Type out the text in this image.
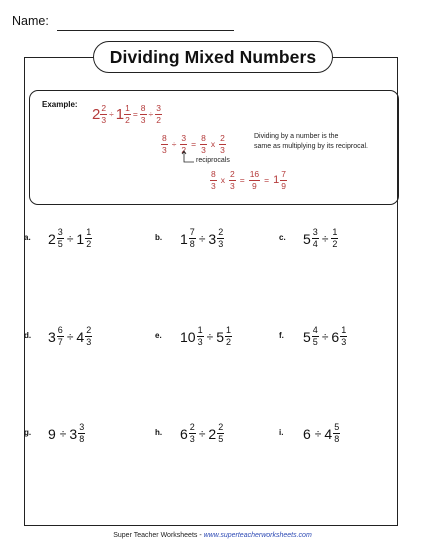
Name:
Dividing Mixed Numbers
Example:
$2 \frac{2}{3} \div 1 \frac{1}{2} = \frac{8}{3} \div \frac{3}{2}$
$\frac{8}{3} \div \frac{3}{2} = \frac{8}{3}$ x
2
3
Dividing by a number is the
same as multiplying by its reciprocal.
reciprocals
8
3
x $\frac{2}{3} = \frac{16}{9} = 1$ 7
9
a. $2 \frac{3}{5} \div 1$ 1
2
b. $1 \frac{7}{8} \div 3$ 2
3
c. $5 \frac{3}{4} \div \frac{1}{2}$
d. $3 \frac{6}{7} \div 4$ 2
3
e. $10 \frac{1}{3} \div 5$ 1
2
f. $5 \frac{4}{5} \div 6$ 1
3
g. 9 ÷ 3 3
8
h. $6 \frac{2}{3} \div 2$ 2
5
i. 6 ÷ 4 5
8
Super Teacher Worksheets - www.superteacherworksheets.com
